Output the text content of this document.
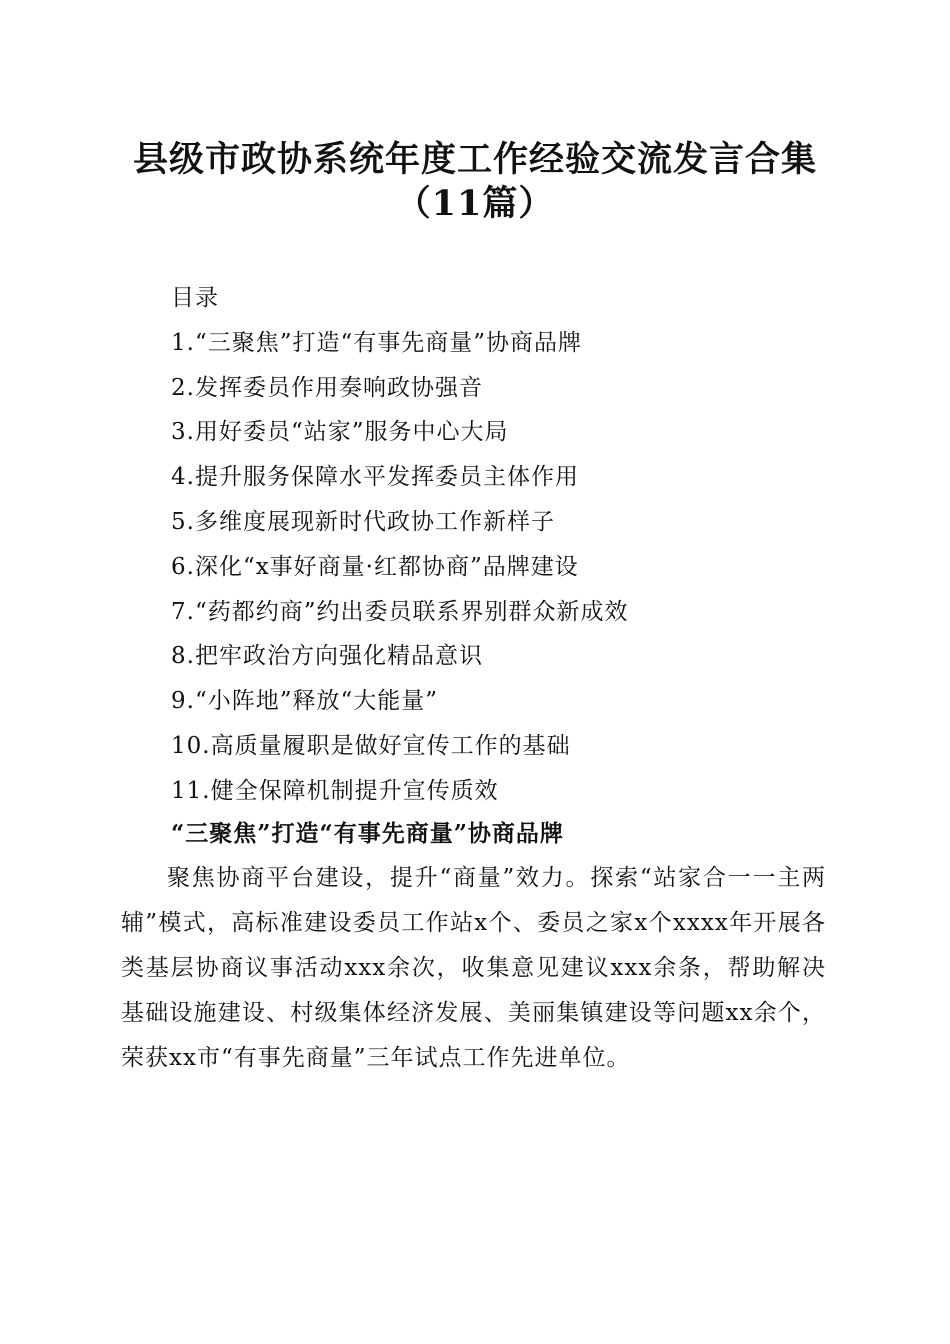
县级市政协系统年度工作经验交流发言合集
（11篇）
目录
1.“三聚焦”打造“有事先商量”协商品牌
2.发挥委员作用奏响政协强音
3.用好委员“站家”服务中心大局
4.提升服务保障水平发挥委员主体作用
5.多维度展现新时代政协工作新样子
6.深化“x事好商量·红都协商”品牌建设
7.“药都约商”约出委员联系界别群众新成效
8.把牢政治方向强化精品意识
9.“小阵地”释放“大能量”
10.高质量履职是做好宣传工作的基础
11.健全保障机制提升宣传质效
“三聚焦”打造“有事先商量”协商品牌

聚焦协商平台建设，提升“商量”效力。探索“站家合一一主两辅”模式，高标准建设委员工作站x个、委员之家x个xxxx年开展各类基层协商议事活动xxx余次，收集意见建议xxx余条，帮助解决基础设施建设、村级集体经济发展、美丽集镇建设等问题xx余个，荣获xx市“有事先商量”三年试点工作先进单位。
